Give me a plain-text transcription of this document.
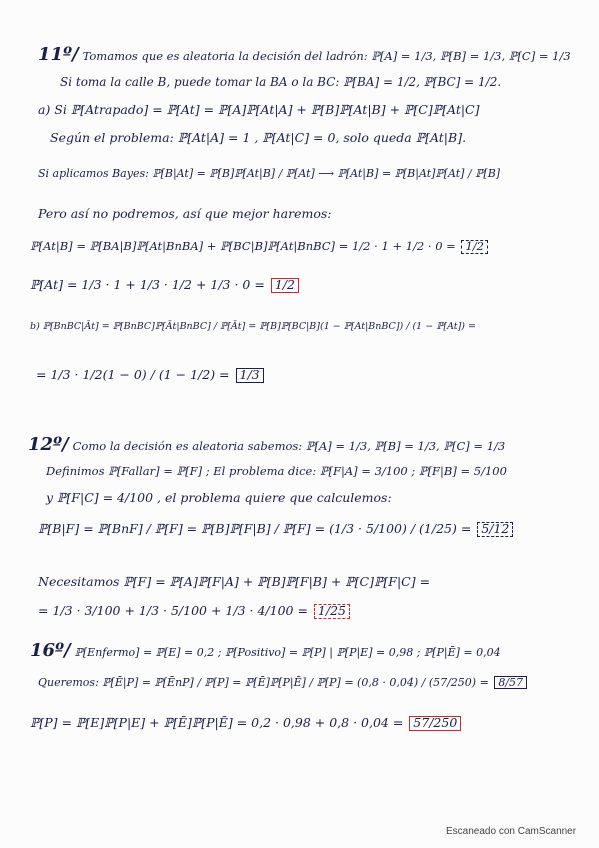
11º/ Tomamos que es aleatoria la decisión del ladrón: ℙ[A] = 1/3, ℙ[B] = 1/3, ℙ[C] = 1/3
Si toma la calle B, puede tomar la BA o la BC: ℙ[BA] = 1/2, ℙ[BC] = 1/2.
a) Si ℙ[Atrapado] = ℙ[At] = ℙ[A]ℙ[At|A] + ℙ[B]ℙ[At|B] + ℙ[C]ℙ[At|C]
Según el problema: ℙ[At|A] = 1 , ℙ[At|C] = 0, solo queda ℙ[At|B].
Si aplicamos Bayes: ℙ[B|At] = ℙ[B]ℙ[At|B] / ℙ[At] ⟶ ℙ[At|B] = ℙ[B|At]ℙ[At] / ℙ[B]
Pero así no podremos, así que mejor haremos:
ℙ[At|B] = ℙ[BA|B]ℙ[At|BnBA] + ℙ[BC|B]ℙ[At|BnBC] = 1/2 · 1 + 1/2 · 0 = 1/2
ℙ[At] = 1/3 · 1 + 1/3 · 1/2 + 1/3 · 0 = 1/2
b) ℙ[BnBC|Āt] = ℙ[BnBC]ℙ[Āt|BnBC] / ℙ[Āt] = ℙ[B]ℙ[BC|B](1 − ℙ[At|BnBC]) / (1 − ℙ[At]) =
= 1/3 · 1/2(1 − 0) / (1 − 1/2) = 1/3
12º/ Como la decisión es aleatoria sabemos: ℙ[A] = 1/3, ℙ[B] = 1/3, ℙ[C] = 1/3
Definimos ℙ[Fallar] = ℙ[F] ; El problema dice: ℙ[F|A] = 3/100 ; ℙ[F|B] = 5/100
y ℙ[F|C] = 4/100 , el problema quiere que calculemos:
ℙ[B|F] = ℙ[BnF] / ℙ[F] = ℙ[B]ℙ[F|B] / ℙ[F] = (1/3 · 5/100) / (1/25) = 5/12
Necesitamos ℙ[F] = ℙ[A]ℙ[F|A] + ℙ[B]ℙ[F|B] + ℙ[C]ℙ[F|C] =
= 1/3 · 3/100 + 1/3 · 5/100 + 1/3 · 4/100 = 1/25
16º/ ℙ[Enfermo] = ℙ[E] = 0,2 ; ℙ[Positivo] = ℙ[P] | ℙ[P|E] = 0,98 ; ℙ[P|Ē] = 0,04
Queremos: ℙ[Ē|P] = ℙ[ĒnP] / ℙ[P] = ℙ[Ē]ℙ[P|Ē] / ℙ[P] = (0,8 · 0,04) / (57/250) = 8/57
ℙ[P] = ℙ[E]ℙ[P|E] + ℙ[Ē]ℙ[P|Ē] = 0,2 · 0,98 + 0,8 · 0,04 = 57/250
Escaneado con CamScanner
